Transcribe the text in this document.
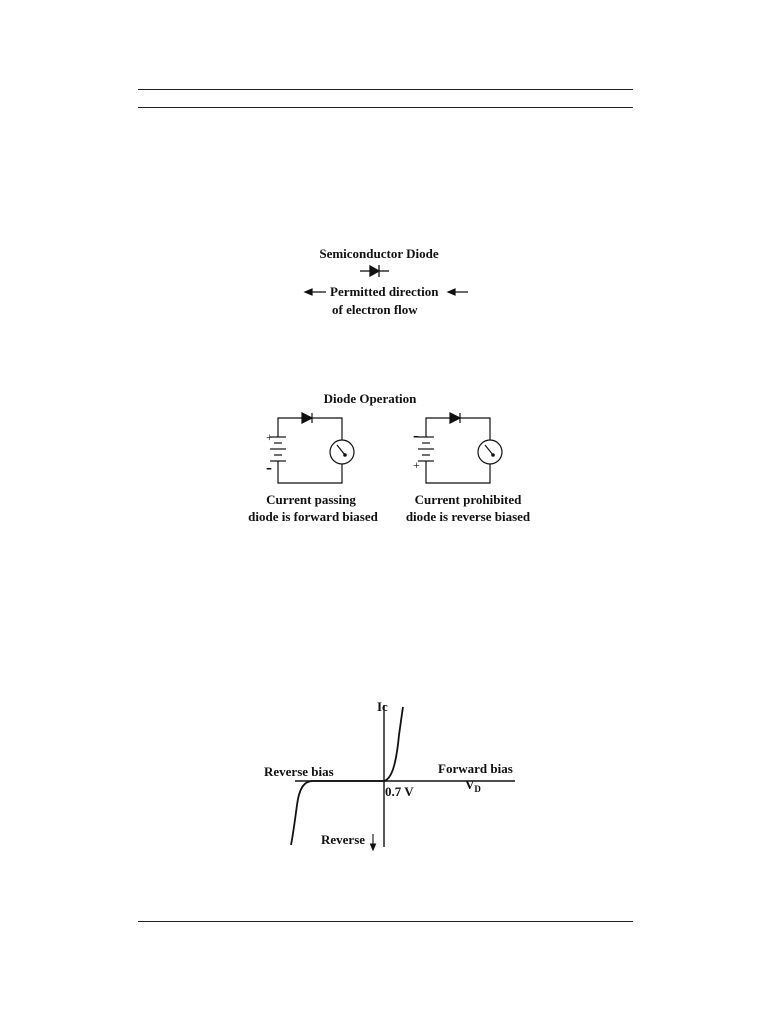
Semiconductor Diode
Permitted direction
of electron flow
Diode Operation
+
-
Current passing
diode is forward biased
-
+
Current prohibited
diode is reverse biased
Ic
Reverse bias	Forward bias
0.7 V	$V_D$
Reverse
